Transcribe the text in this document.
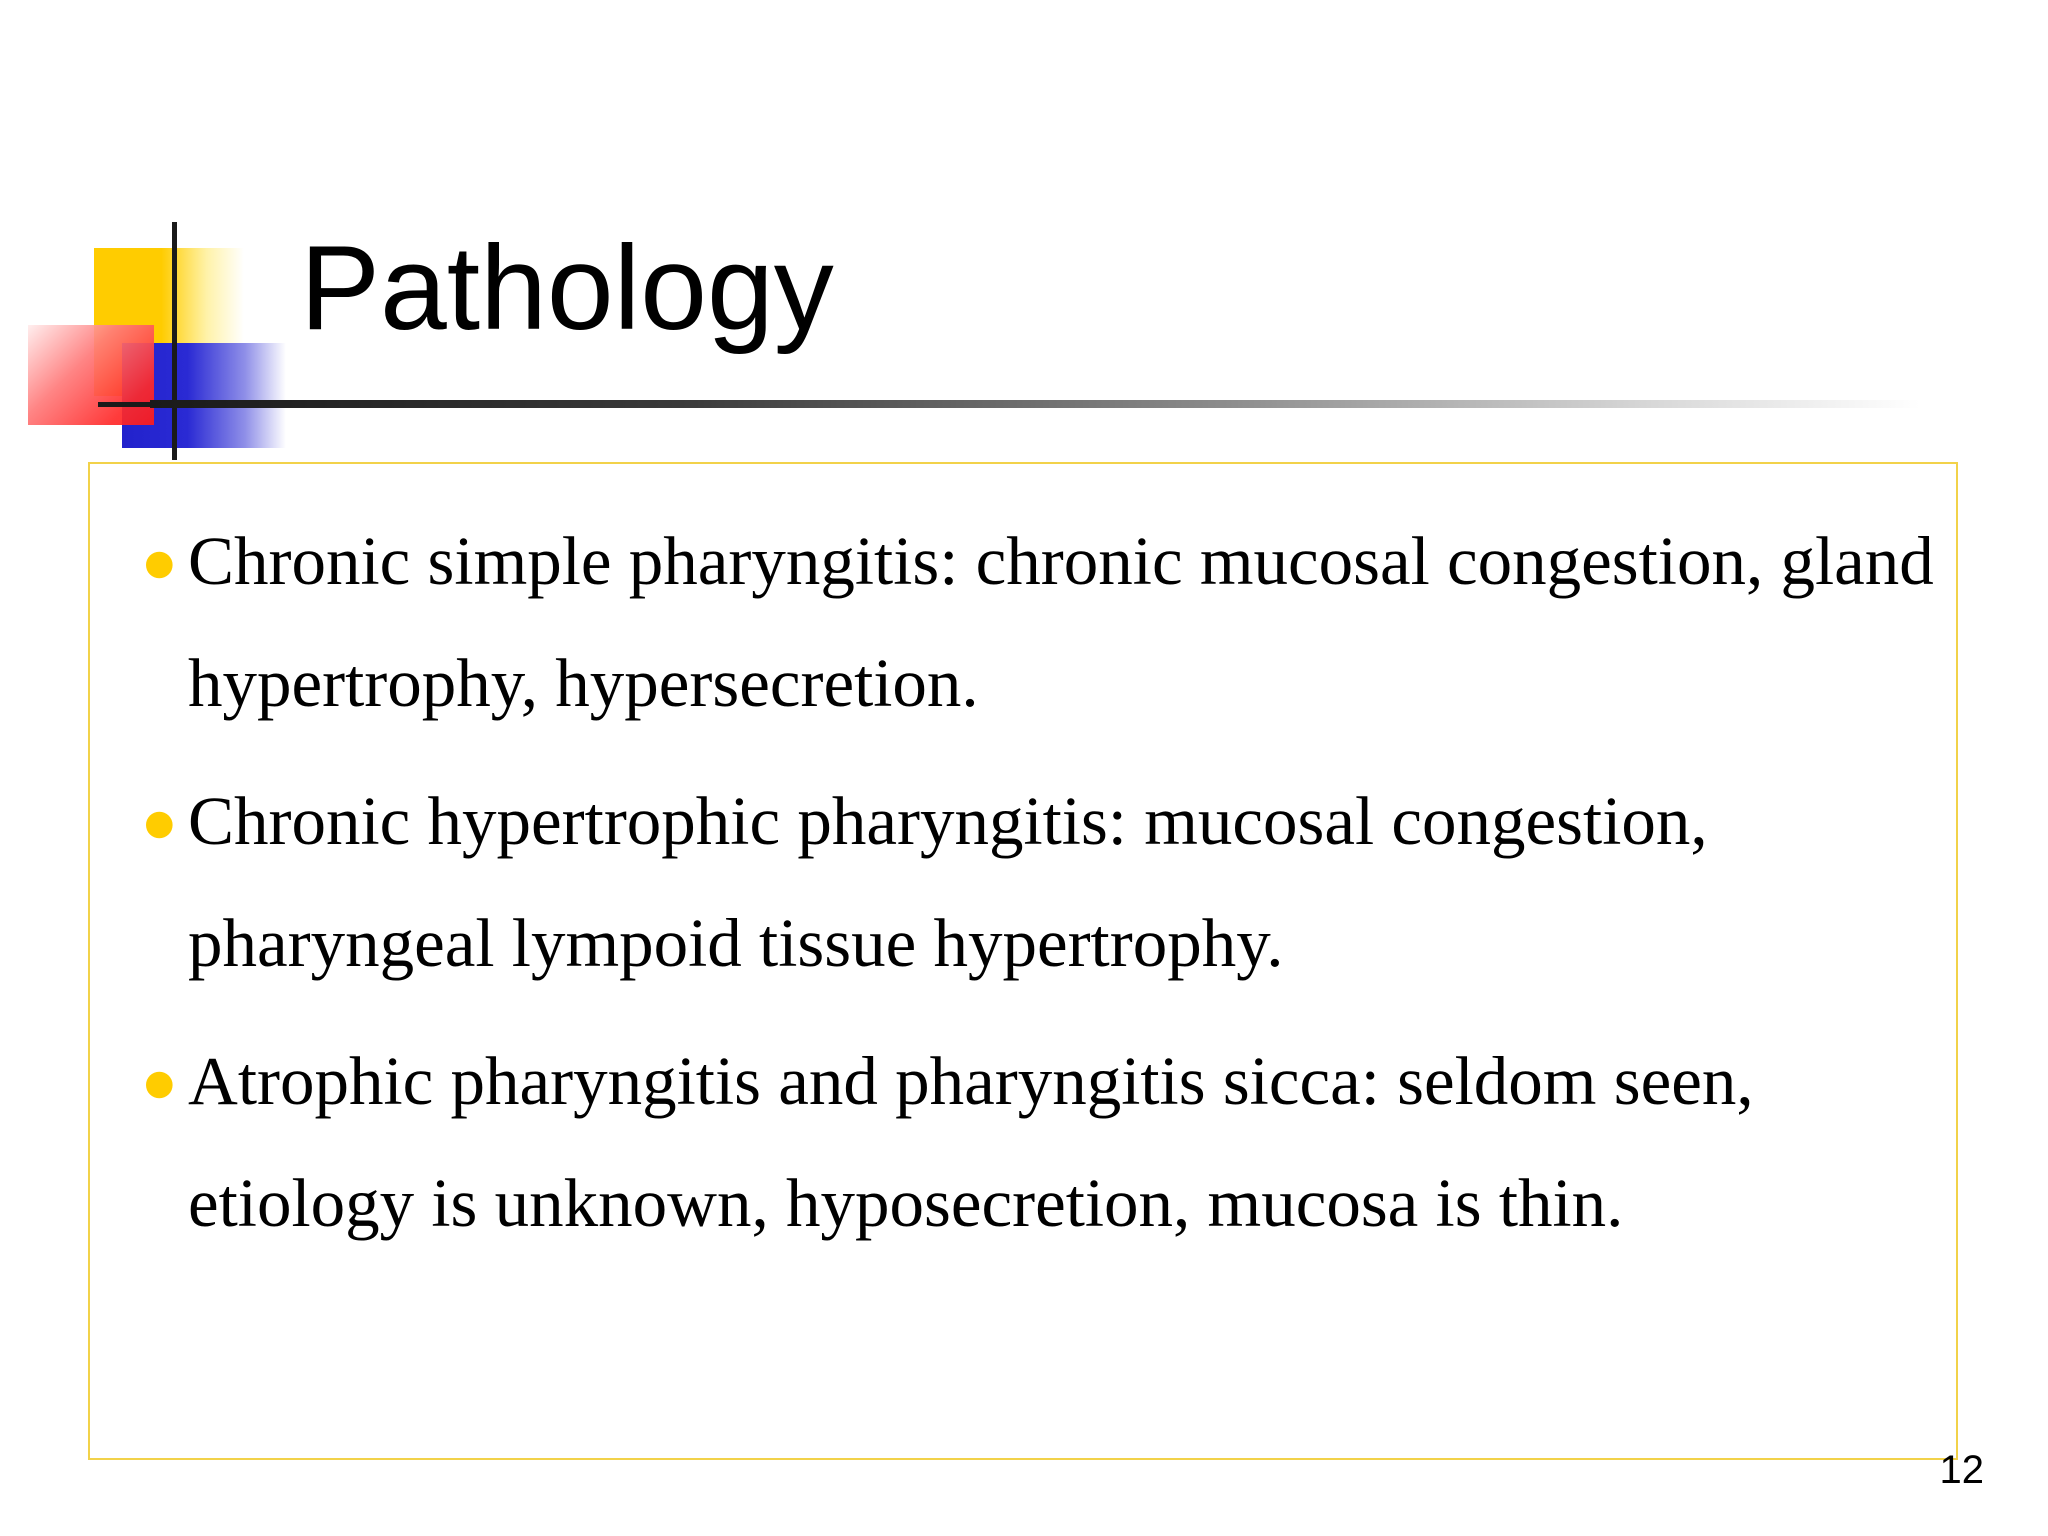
Pathology
Chronic simple pharyngitis: chronic mucosal congestion, gland hypertrophy, hypersecretion.
Chronic hypertrophic pharyngitis: mucosal congestion, pharyngeal lympoid tissue hypertrophy.
Atrophic pharyngitis and pharyngitis sicca: seldom seen, etiology is unknown, hyposecretion, mucosa is thin.
12
